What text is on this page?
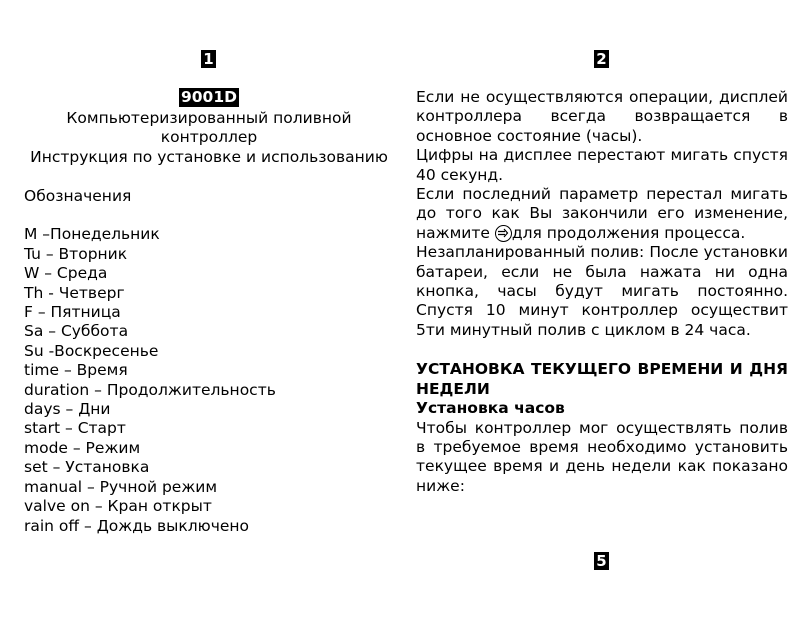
1	2
5
9001D
Компьютеризированный поливной
контроллер
Инструкция по установке и использованию
Обозначения
M –Понедельник
Tu – Вторник
W – Среда
Th - Четверг
F – Пятница
Sa – Суббота
Su -Воскресенье
time – Время
duration – Продолжительность
days – Дни
start – Старт
mode – Режим
set – Установка
manual – Ручной режим
valve on – Кран открыт
rain off – Дождь выключено
Если не осуществляются операции, дисплей контроллера всегда возвращается в основное состояние (часы).
Цифры на дисплее перестают мигать спустя 40 секунд.
Если последний параметр перестал мигать до того как Вы закончили его изменение, нажмите
для продолжения процесса.
Незапланированный полив: После установки батареи, если не была нажата ни одна кнопка, часы будут мигать постоянно. Спустя 10 минут контроллер осуществит 5ти минутный полив с циклом в 24 часа.
УСТАНОВКА ТЕКУЩЕГО ВРЕМЕНИ И ДНЯ НЕДЕЛИ
Установка часов
Чтобы контроллер мог осуществлять полив в требуемое время необходимо установить текущее время и день недели как показано ниже:
